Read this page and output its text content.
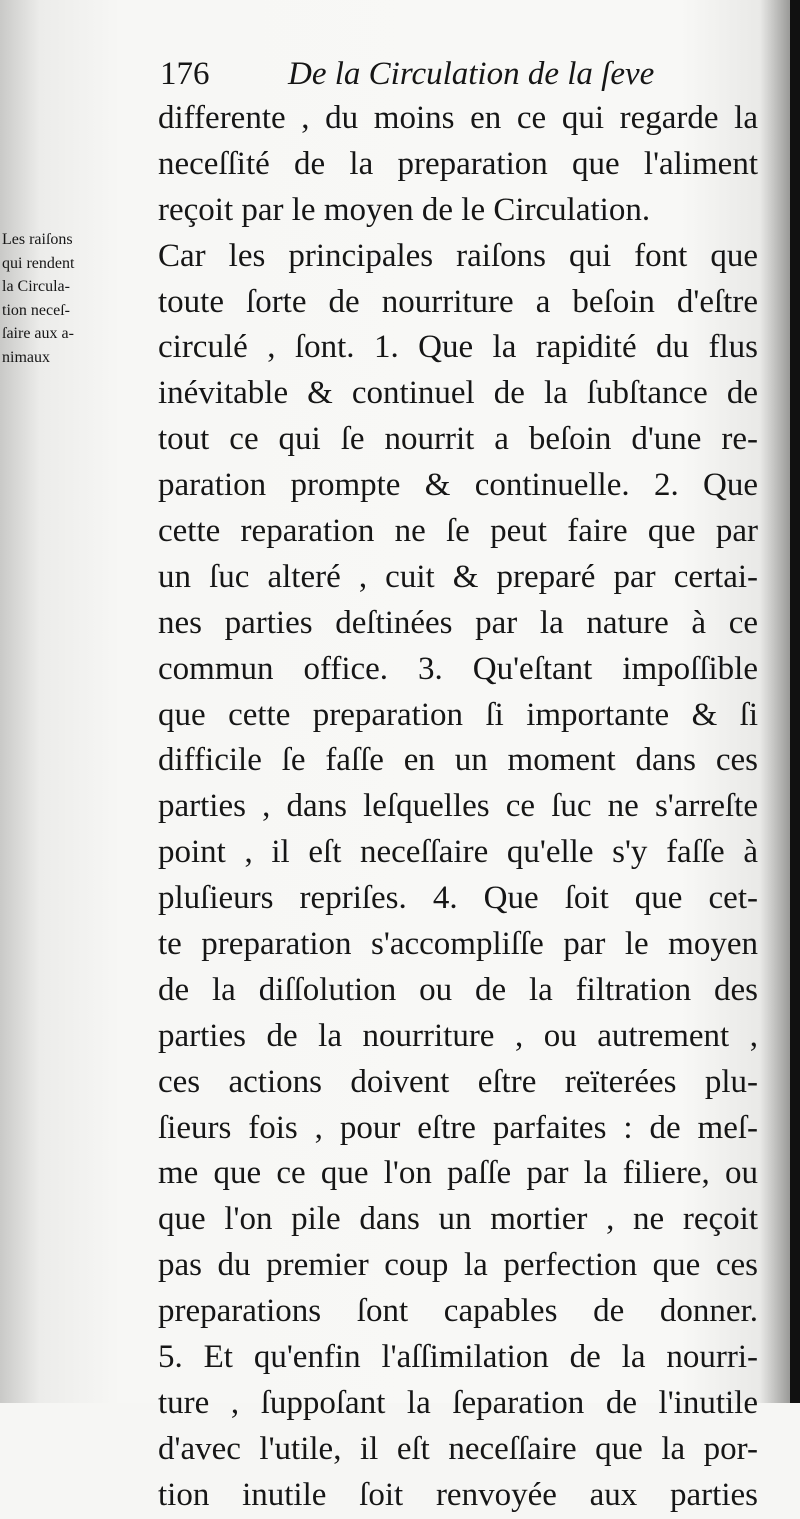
176 De la Circulation de la ſeve
Les raiſons
qui rendent
la Circula-
tion neceſ-
ſaire aux a-
nimaux
differente , du moins en ce qui regarde la
neceſſité de la preparation que l'aliment
reçoit par le moyen de le Circulation.
Car les principales raiſons qui font que
toute ſorte de nourriture a beſoin d'eſtre
circulé , ſont. 1. Que la rapidité du flus
inévitable & continuel de la ſubſtance de
tout ce qui ſe nourrit a beſoin d'une re-
paration prompte & continuelle. 2. Que
cette reparation ne ſe peut faire que par
un ſuc alteré , cuit & preparé par certai-
nes parties deſtinées par la nature à ce
commun office. 3. Qu'eſtant impoſſible
que cette preparation ſi importante & ſi
difficile ſe faſſe en un moment dans ces
parties , dans leſquelles ce ſuc ne s'arreſte
point , il eſt neceſſaire qu'elle s'y faſſe à
pluſieurs repriſes. 4. Que ſoit que cet-
te preparation s'accompliſſe par le moyen
de la diſſolution ou de la filtration des
parties de la nourriture , ou autrement ,
ces actions doivent eſtre reïterées plu-
ſieurs fois , pour eſtre parfaites : de meſ-
me que ce que l'on paſſe par la filiere, ou
que l'on pile dans un mortier , ne reçoit
pas du premier coup la perfection que ces
preparations ſont capables de donner.
5. Et qu'enfin l'aſſimilation de la nourri-
ture , ſuppoſant la ſeparation de l'inutile
d'avec l'utile, il eſt neceſſaire que la por-
tion inutile ſoit renvoyée aux parties
